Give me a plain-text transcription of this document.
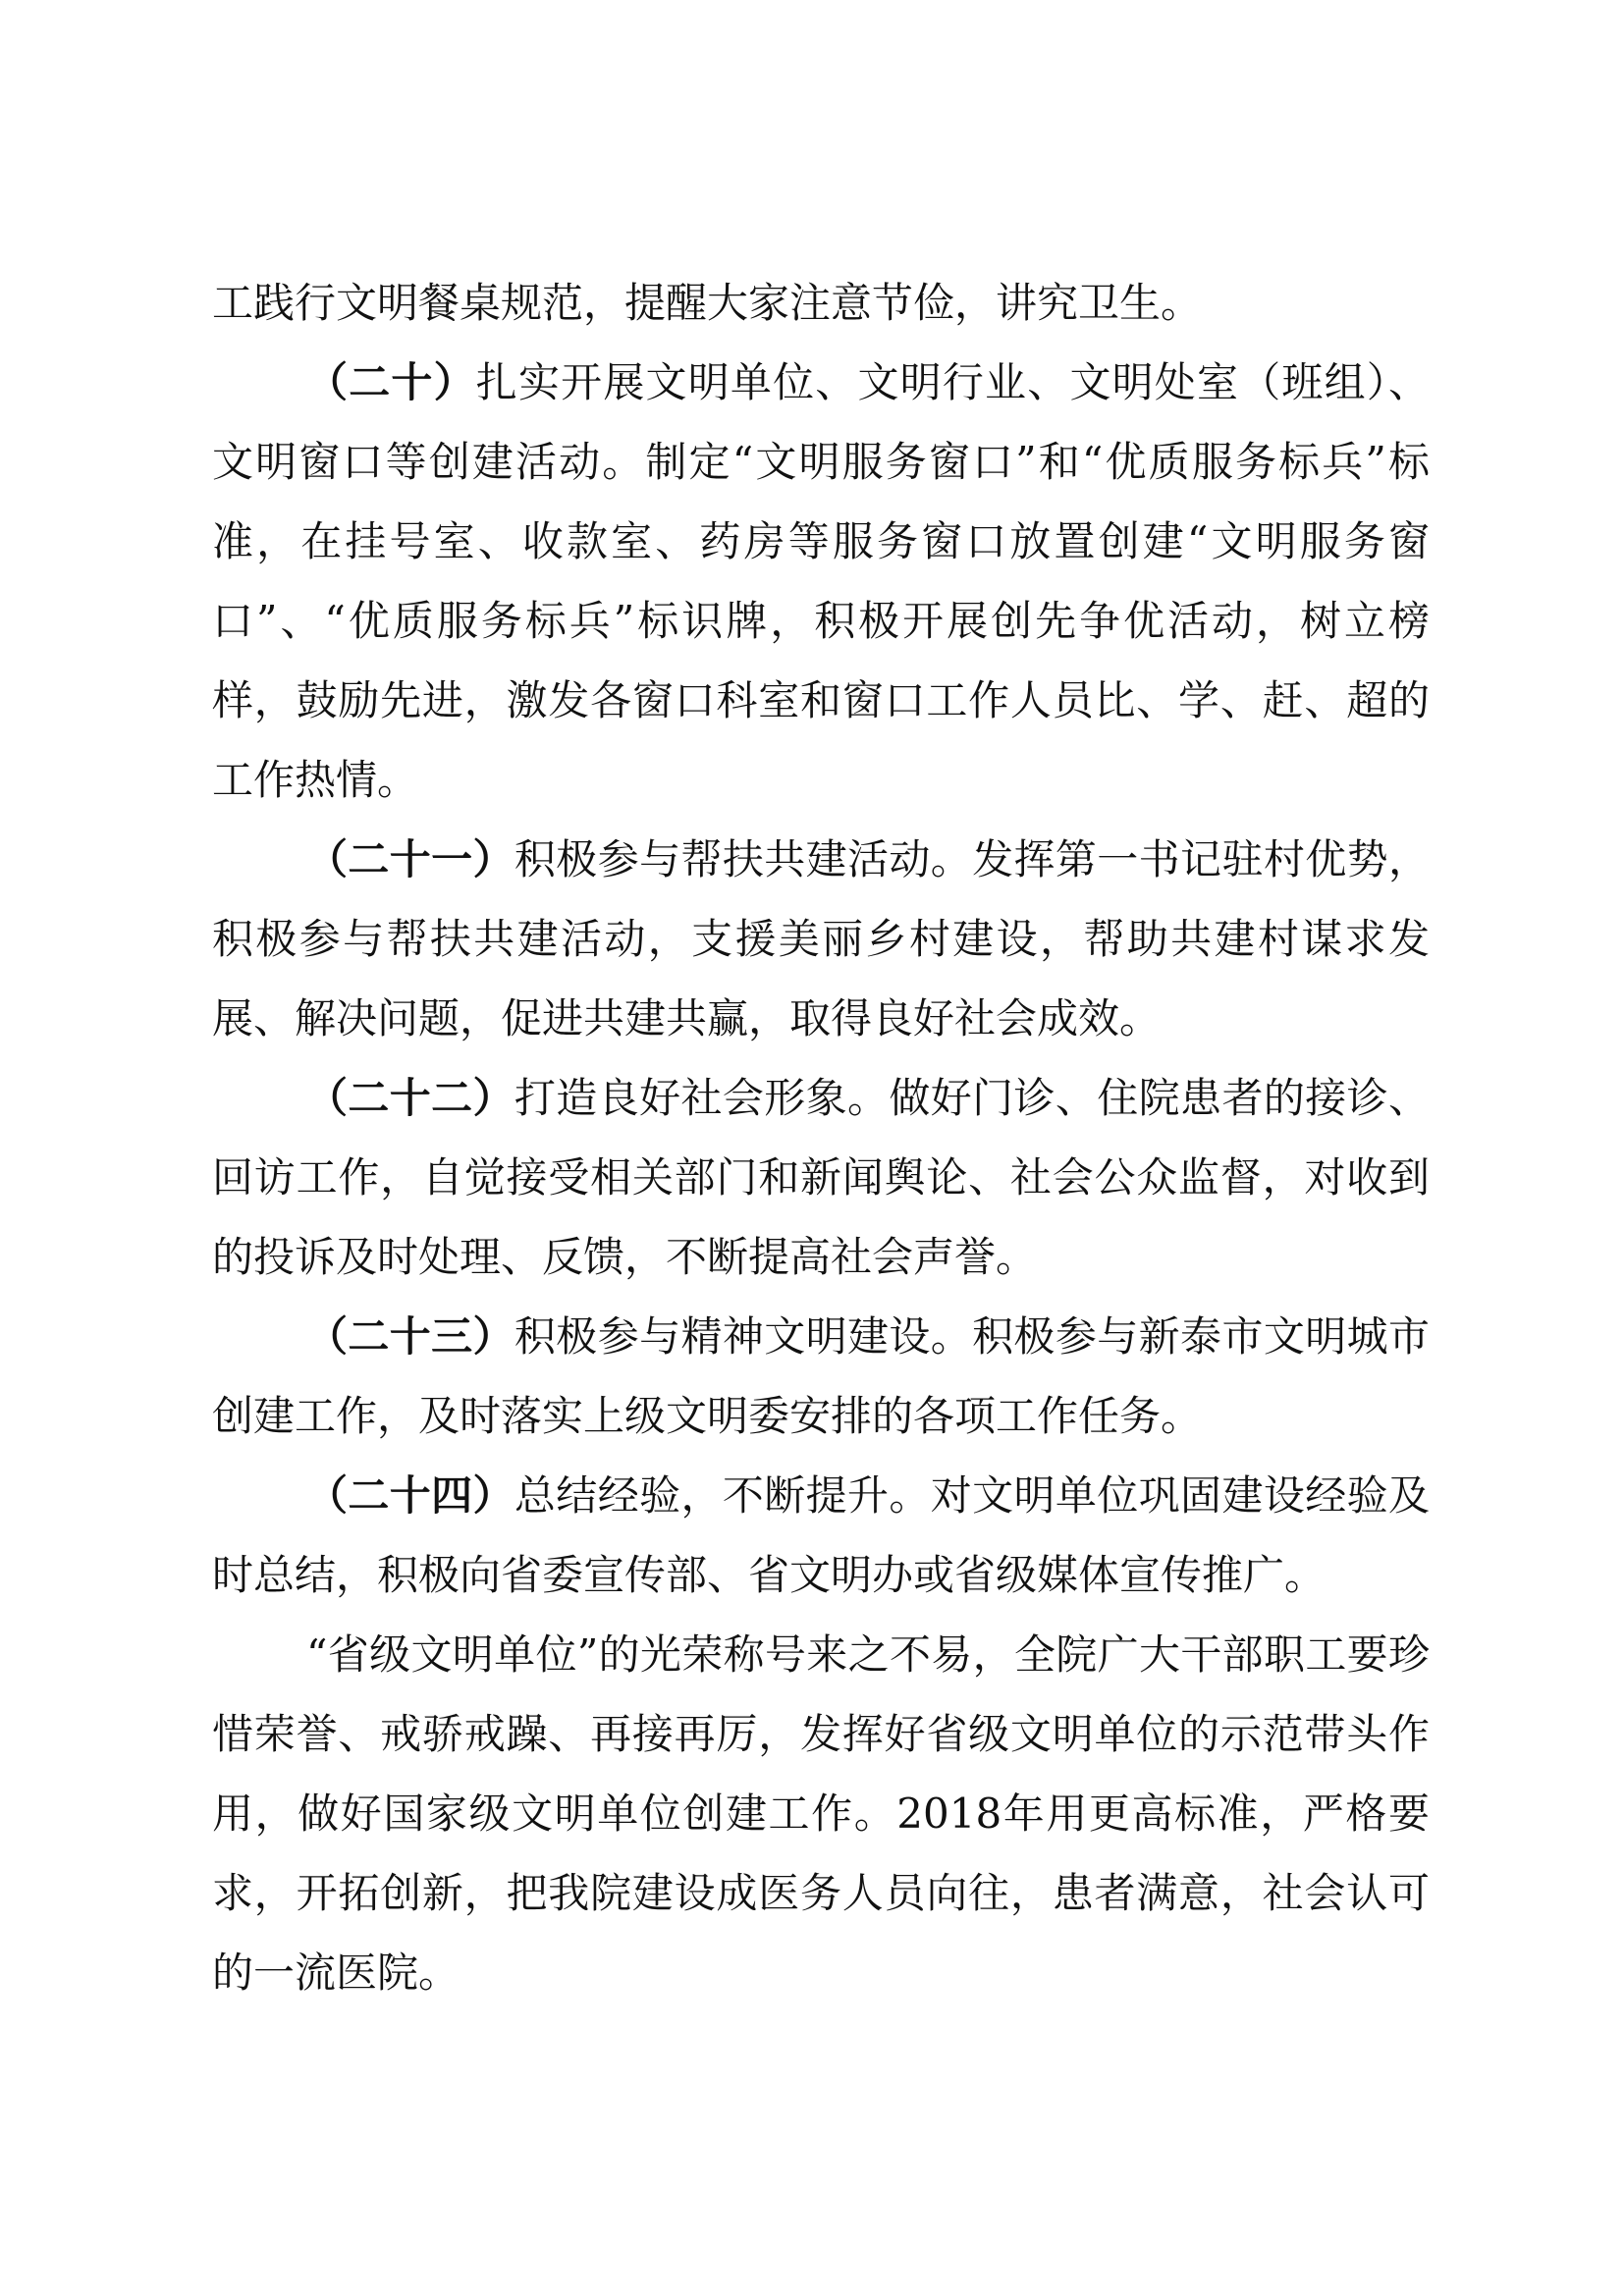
工践行文明餐桌规范，提醒大家注意节俭，讲究卫生。

（二十）扎实开展文明单位、文明行业、文明处室（班组）、文明窗口等创建活动。制定“文明服务窗口”和“优质服务标兵”标准，在挂号室、收款室、药房等服务窗口放置创建“文明服务窗口”、“优质服务标兵”标识牌，积极开展创先争优活动，树立榜样，鼓励先进，激发各窗口科室和窗口工作人员比、学、赶、超的工作热情。

（二十一）积极参与帮扶共建活动。发挥第一书记驻村优势，积极参与帮扶共建活动，支援美丽乡村建设，帮助共建村谋求发展、解决问题，促进共建共赢，取得良好社会成效。

（二十二）打造良好社会形象。做好门诊、住院患者的接诊、回访工作，自觉接受相关部门和新闻舆论、社会公众监督，对收到的投诉及时处理、反馈，不断提高社会声誉。

（二十三）积极参与精神文明建设。积极参与新泰市文明城市创建工作，及时落实上级文明委安排的各项工作任务。

（二十四）总结经验，不断提升。对文明单位巩固建设经验及时总结，积极向省委宣传部、省文明办或省级媒体宣传推广。

“省级文明单位”的光荣称号来之不易，全院广大干部职工要珍惜荣誉、戒骄戒躁、再接再厉，发挥好省级文明单位的示范带头作用，做好国家级文明单位创建工作。2018年用更高标准，严格要求，开拓创新，把我院建设成医务人员向往，患者满意，社会认可的一流医院。
